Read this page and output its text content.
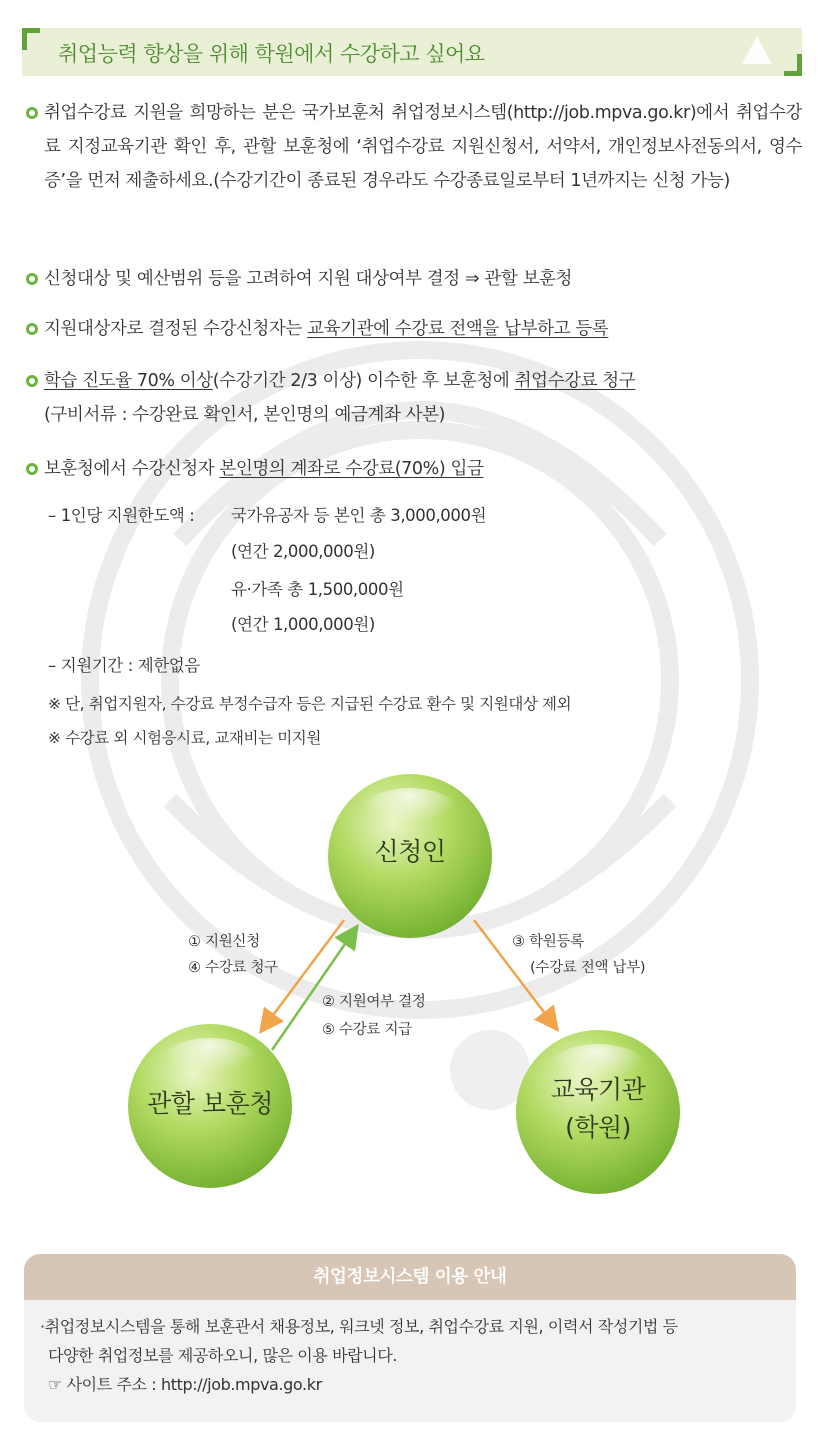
취업능력 향상을 위해 학원에서 수강하고 싶어요
취업수강료 지원을 희망하는 분은 국가보훈처 취업정보시스템(http://job.mpva.go.kr)에서 취업수강료 지정교육기관 확인 후, 관할 보훈청에 ‘취업수강료 지원신청서, 서약서, 개인정보사전동의서, 영수증’을 먼저 제출하세요.(수강기간이 종료된 경우라도 수강종료일로부터 1년까지는 신청 가능)
신청대상 및 예산범위 등을 고려하여 지원 대상여부 결정 ⇒ 관할 보훈청
지원대상자로 결정된 수강신청자는 교육기관에 수강료 전액을 납부하고 등록
학습 진도율 70% 이상(수강기간 2/3 이상) 이수한 후 보훈청에 취업수강료 청구
(구비서류 : 수강완료 확인서, 본인명의 예금계좌 사본)
보훈청에서 수강신청자 본인명의 계좌로 수강료(70%) 입금
– 1인당 지원한도액 : 국가유공자 등 본인 총 3,000,000원
(연간 2,000,000원)
유·가족 총 1,500,000원
(연간 1,000,000원)
– 지원기간 : 제한없음
※ 단, 취업지원자, 수강료 부정수급자 등은 지급된 수강료 환수 및 지원대상 제외
※ 수강료 외 시험응시료, 교재비는 미지원
신청인
관할 보훈청	교육기관
(학원)
① 지원신청
④ 수강료 청구
② 지원여부 결정
⑤ 수강료 지급
③ 학원등록
(수강료 전액 납부)
취업정보시스템 이용 안내
·취업정보시스템을 통해 보훈관서 채용정보, 워크넷 정보, 취업수강료 지원, 이력서 작성기법 등
다양한 취업정보를 제공하오니, 많은 이용 바랍니다.
☞ 사이트 주소 : http://job.mpva.go.kr
